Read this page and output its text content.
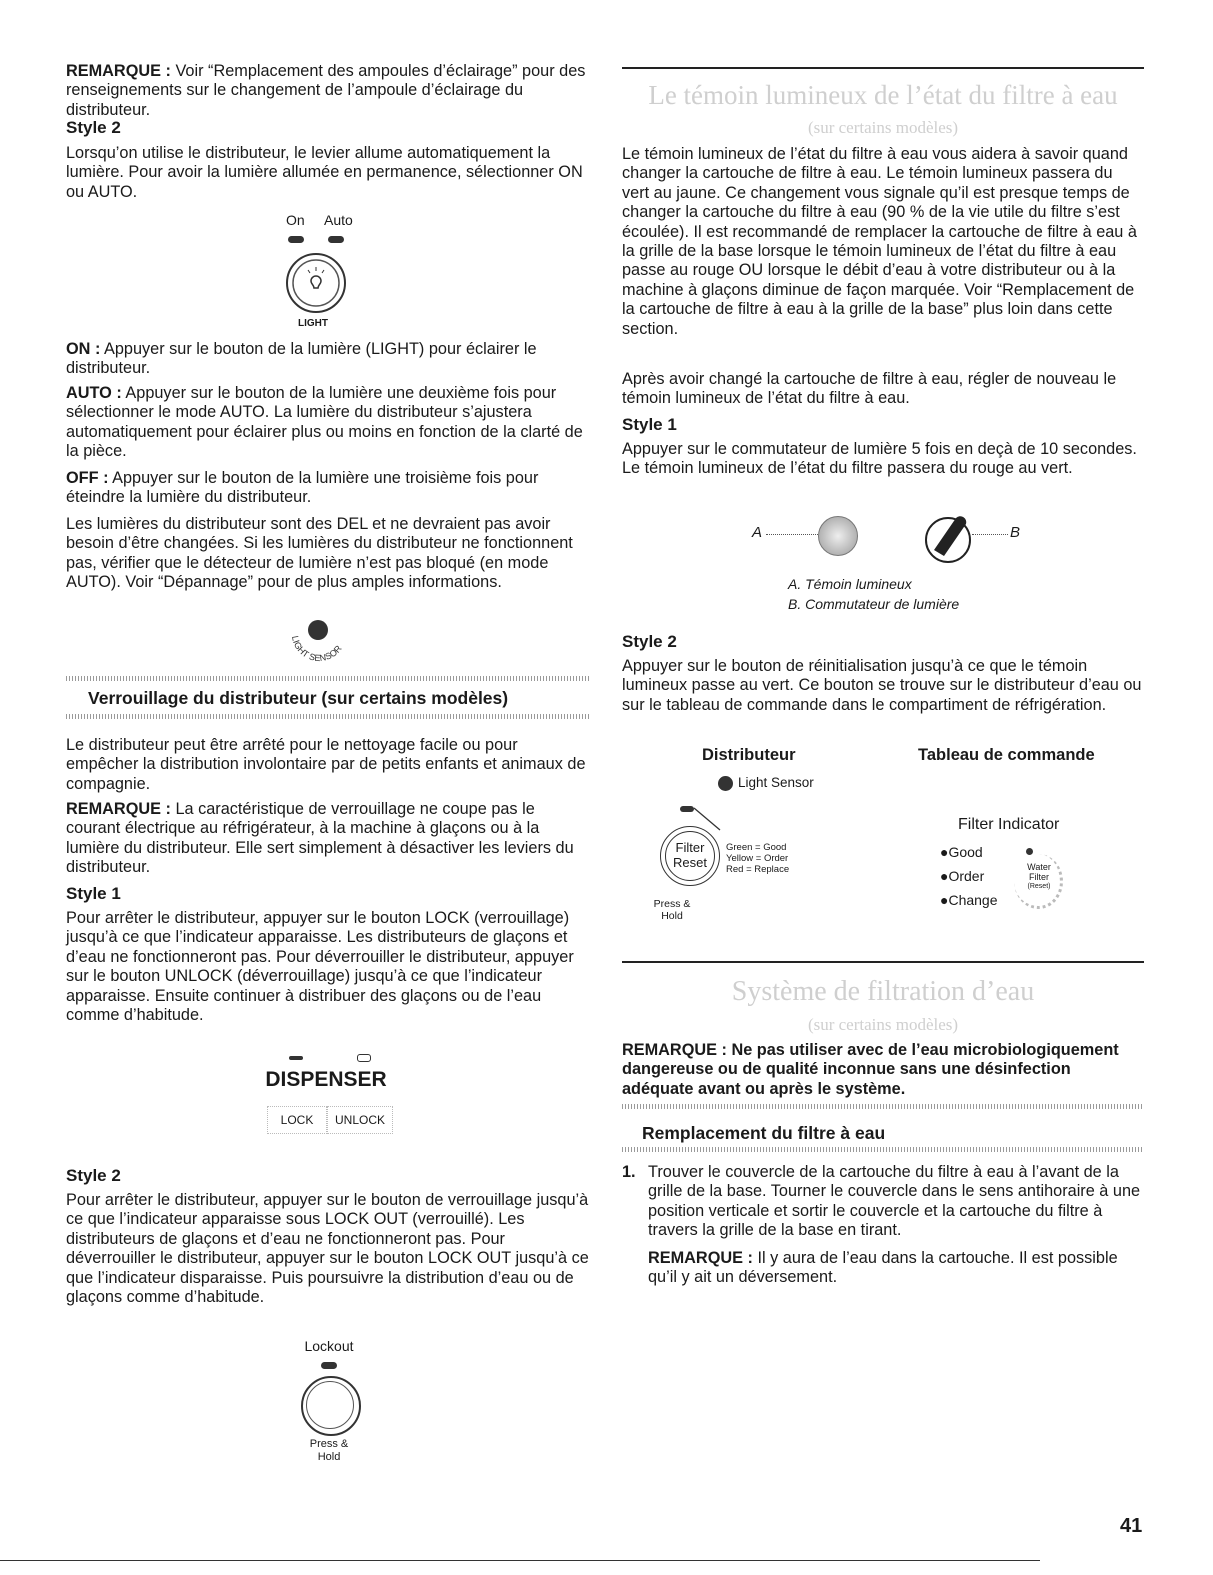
REMARQUE : Voir “Remplacement des ampoules d’éclairage” pour des renseignements sur le changement de l’ampoule d’éclairage du distributeur.

Style 2

Lorsqu’on utilise le distributeur, le levier allume automatiquement la lumière. Pour avoir la lumière allumée en permanence, sélectionner ON ou AUTO.

On Auto
LIGHT

ON : Appuyer sur le bouton de la lumière (LIGHT) pour éclairer le distributeur.

AUTO : Appuyer sur le bouton de la lumière une deuxième fois pour sélectionner le mode AUTO. La lumière du distributeur s’ajustera automatiquement pour éclairer plus ou moins en fonction de la clarté de la pièce.

OFF : Appuyer sur le bouton de la lumière une troisième fois pour éteindre la lumière du distributeur.

Les lumières du distributeur sont des DEL et ne devraient pas avoir besoin d’être changées. Si les lumières du distributeur ne fonctionnent pas, vérifier que le détecteur de lumière n’est pas bloqué (en mode AUTO). Voir “Dépannage” pour de plus amples informations.

LIGHT SENSOR
Verrouillage du distributeur (sur certains modèles)

Le distributeur peut être arrêté pour le nettoyage facile ou pour empêcher la distribution involontaire par de petits enfants et animaux de compagnie.

REMARQUE : La caractéristique de verrouillage ne coupe pas le courant électrique au réfrigérateur, à la machine à glaçons ou à la lumière du distributeur. Elle sert simplement à désactiver les leviers du distributeur.

Style 1

Pour arrêter le distributeur, appuyer sur le bouton LOCK (verrouillage) jusqu’à ce que l’indicateur apparaisse. Les distributeurs de glaçons et d’eau ne fonctionneront pas. Pour déverrouiller le distributeur, appuyer sur le bouton UNLOCK (déverrouillage) jusqu’à ce que l’indicateur apparaisse. Ensuite continuer à distribuer des glaçons ou de l’eau comme d’habitude.

DISPENSER
LOCK	UNLOCK
Style 2

Pour arrêter le distributeur, appuyer sur le bouton de verrouillage jusqu’à ce que l’indicateur apparaisse sous LOCK OUT (verrouillé). Les distributeurs de glaçons et d’eau ne fonctionneront pas. Pour déverrouiller le distributeur, appuyer sur le bouton LOCK OUT jusqu’à ce que l’indicateur disparaisse. Puis poursuivre la distribution d’eau ou de glaçons comme d’habitude.

Lockout
Press &
Hold
Le témoin lumineux de l’état du filtre à eau
(sur certains modèles)

Le témoin lumineux de l’état du filtre à eau vous aidera à savoir quand changer la cartouche de filtre à eau. Le témoin lumineux passera du vert au jaune. Ce changement vous signale qu’il est presque temps de changer la cartouche du filtre à eau (90 % de la vie utile du filtre s’est écoulée). Il est recommandé de remplacer la cartouche de filtre à eau à la grille de la base lorsque le témoin lumineux de l’état du filtre à eau passe au rouge OU lorsque le débit d’eau à votre distributeur ou à la machine à glaçons diminue de façon marquée. Voir “Remplacement de la cartouche de filtre à eau à la grille de la base” plus loin dans cette section.

Après avoir changé la cartouche de filtre à eau, régler de nouveau le témoin lumineux de l’état du filtre à eau.

Style 1

Appuyer sur le commutateur de lumière 5 fois en deçà de 10 secondes. Le témoin lumineux de l’état du filtre passera du rouge au vert.

A	B
A. Témoin lumineux
B. Commutateur de lumière
Style 2

Appuyer sur le bouton de réinitialisation jusqu’à ce que le témoin lumineux passe au vert. Ce bouton se trouve sur le distributeur d’eau ou sur le tableau de commande dans le compartiment de réfrigération.

Distributeur	Tableau de commande
Light Sensor
Filter
Reset
Green = Good
Yellow = Order
Red = Replace
Press &
Hold
Filter Indicator
●Good
●Order
●Change
Water
Filter
(Reset)
Système de filtration d’eau
(sur certains modèles)

REMARQUE : Ne pas utiliser avec de l’eau microbiologiquement dangereuse ou de qualité inconnue sans une désinfection adéquate avant ou après le système.

Remplacement du filtre à eau
1. Trouver le couvercle de la cartouche du filtre à eau à l’avant de la grille de la base. Tourner le couvercle dans le sens antihoraire à une position verticale et sortir le couvercle et la cartouche du filtre à travers la grille de la base en tirant.

REMARQUE : Il y aura de l’eau dans la cartouche. Il est possible qu’il y ait un déversement.

41
